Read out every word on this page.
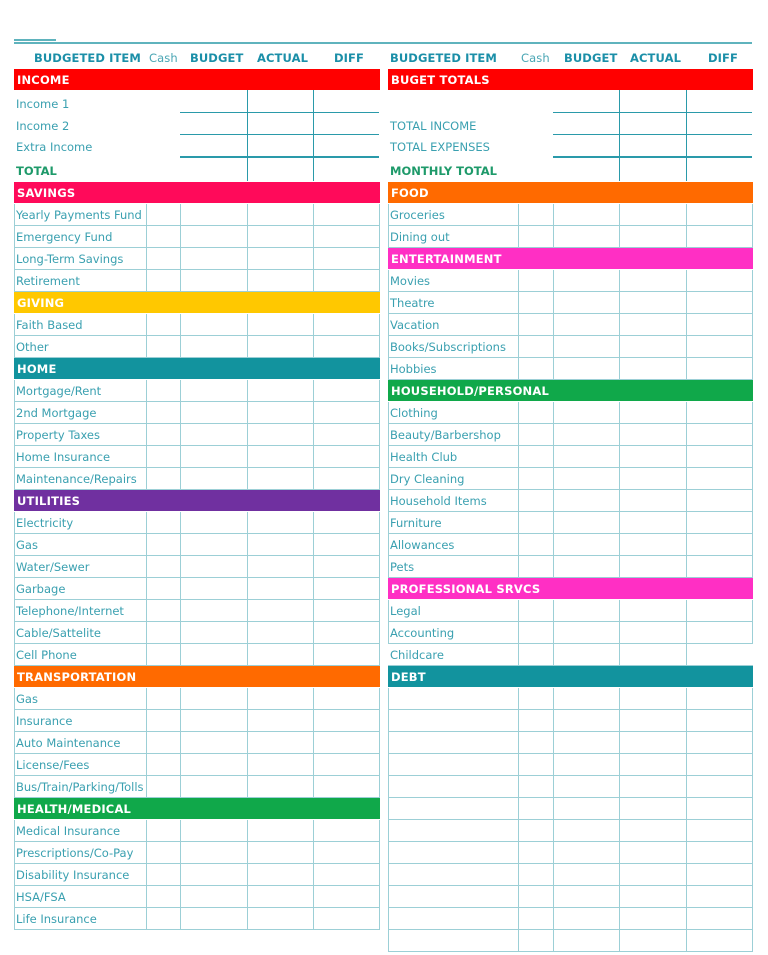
BUDGETED ITEM Cash BUDGET ACTUAL DIFF BUDGETED ITEM Cash BUDGET ACTUAL DIFF
INCOME
Income 1
Income 2
Extra Income
TOTAL
BUGET TOTALS
TOTAL INCOME
TOTAL EXPENSES
MONTHLY TOTAL
SAVINGS
Yearly Payments Fund
Emergency Fund
Long-Term Savings
Retirement
GIVING
Faith Based
Other
HOME
Mortgage/Rent
2nd Mortgage
Property Taxes
Home Insurance
Maintenance/Repairs
UTILITIES
Electricity
Gas
Water/Sewer
Garbage
Telephone/Internet
Cable/Sattelite
Cell Phone
TRANSPORTATION
Gas
Insurance
Auto Maintenance
License/Fees
Bus/Train/Parking/Tolls
HEALTH/MEDICAL
Medical Insurance
Prescriptions/Co-Pay
Disability Insurance
HSA/FSA
Life Insurance
FOOD
Groceries
Dining out
ENTERTAINMENT
Movies
Theatre
Vacation
Books/Subscriptions
Hobbies
HOUSEHOLD/PERSONAL
Clothing
Beauty/Barbershop
Health Club
Dry Cleaning
Household Items
Furniture
Allowances
Pets
PROFESSIONAL SRVCS
Legal
Accounting
Childcare
DEBT
